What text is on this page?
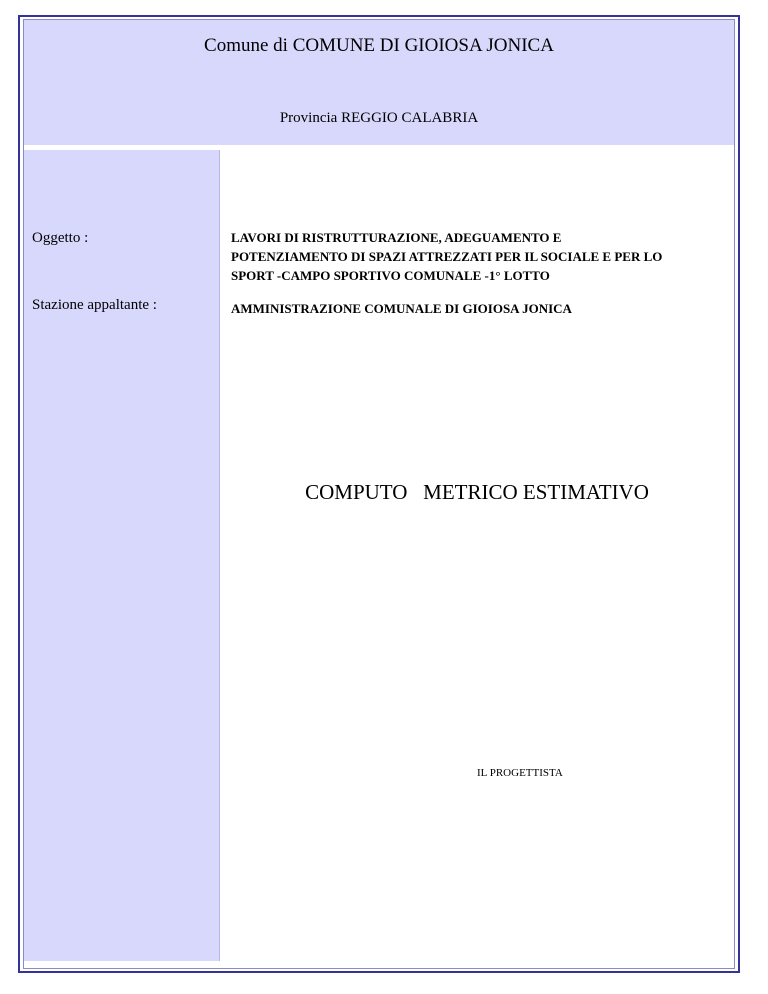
Comune di COMUNE DI GIOIOSA JONICA
Provincia REGGIO CALABRIA
Oggetto :	LAVORI DI RISTRUTTURAZIONE, ADEGUAMENTO E
POTENZIAMENTO DI SPAZI ATTREZZATI PER IL SOCIALE E PER LO
SPORT -CAMPO SPORTIVO COMUNALE -1° LOTTO
Stazione appaltante :	AMMINISTRAZIONE COMUNALE DI GIOIOSA JONICA
COMPUTO   METRICO ESTIMATIVO
IL PROGETTISTA
